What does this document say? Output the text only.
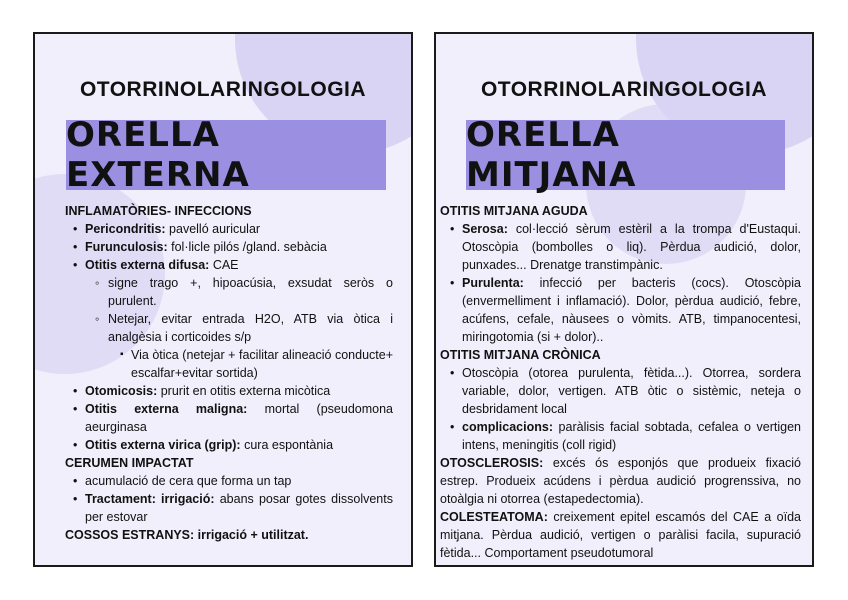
OTORRINOLARINGOLOGIA
ORELLA EXTERNA

INFLAMATÒRIES- INFECCIONS

• Pericondritis: pavelló auricular
• Furunculosis: fol·licle pilós /gland. sebàcia
• Otitis externa difusa: CAE
◦ signe trago +, hipoacúsia, exsudat seròs o purulent.
◦ Netejar, evitar entrada H2O, ATB via òtica i analgèsia i corticoides s/p
▪ Via òtica (netejar + facilitar alineació conducte+ escalfar+evitar sortida)
• Otomicosis: prurit en otitis externa micòtica
• Otitis externa maligna: mortal (pseudomona aeurginasa
• Otitis externa virica (grip): cura espontània

CERUMEN IMPACTAT

• acumulació de cera que forma un tap
• Tractament: irrigació: abans posar gotes dissolvents per estovar

COSSOS ESTRANYS: irrigació + utilitzat.

OTORRINOLARINGOLOGIA
ORELLA MITJANA

OTITIS MITJANA AGUDA

• Serosa: col·lecció sèrum estèril a la trompa d'Eustaqui. Otoscòpia (bombolles o liq). Pèrdua audició, dolor, punxades... Drenatge transtimpànic.
• Purulenta: infecció per bacteris (cocs). Otoscòpia (envermelliment i inflamació). Dolor, pèrdua audició, febre, acúfens, cefale, nàusees o vòmits. ATB, timpanocentesi, miringotomia (si + dolor)..

OTITIS MITJANA CRÒNICA

• Otoscòpia (otorea purulenta, fètida...). Otorrea, sordera variable, dolor, vertigen. ATB òtic o sistèmic, neteja o desbridament local
• complicacions: paràlisis facial sobtada, cefalea o vertigen intens, meningitis (coll rigid)

OTOSCLEROSIS: excés ós esponjós que produeix fixació estrep. Produeix acúdens i pèrdua audició progrenssiva, no otoàlgia ni otorrea (estapedectomia).

COLESTEATOMA: creixement epitel escamós del CAE a oïda mitjana. Pèrdua audició, vertigen o paràlisi facila, supuració fètida... Comportament pseudotumoral
